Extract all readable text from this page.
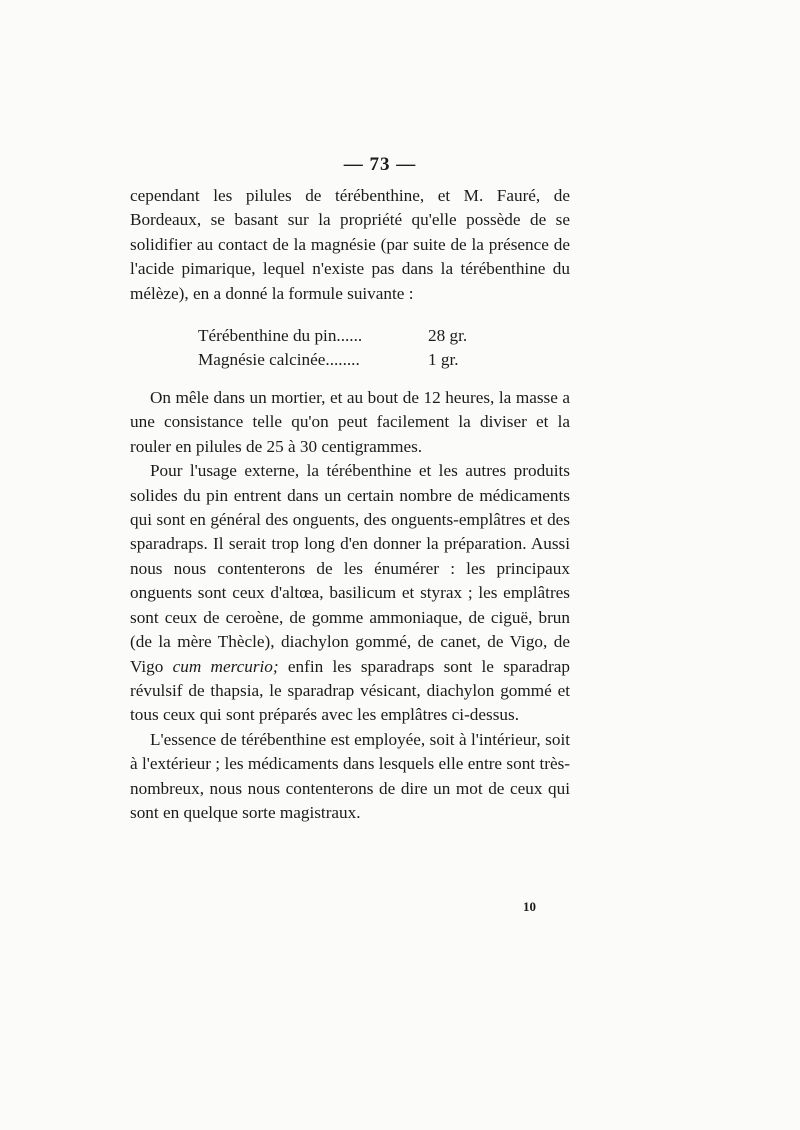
— 73 —

cependant les pilules de térébenthine, et M. Fauré, de Bordeaux, se basant sur la propriété qu'elle possède de se solidifier au contact de la magnésie (par suite de la présence de l'acide pimarique, lequel n'existe pas dans la térébenthine du mélèze), en a donné la formule suivante :

Térébenthine du pin......	28 gr.
Magnésie calcinée........	1 gr.

On mêle dans un mortier, et au bout de 12 heures, la masse a une consistance telle qu'on peut facilement la diviser et la rouler en pilules de 25 à 30 centigrammes.

Pour l'usage externe, la térébenthine et les autres produits solides du pin entrent dans un certain nombre de médicaments qui sont en général des onguents, des onguents-emplâtres et des sparadraps. Il serait trop long d'en donner la préparation. Aussi nous nous contenterons de les énumérer : les principaux onguents sont ceux d'altœa, basilicum et styrax ; les emplâtres sont ceux de ceroène, de gomme ammoniaque, de ciguë, brun (de la mère Thècle), diachylon gommé, de canet, de Vigo, de Vigo cum mercurio; enfin les sparadraps sont le sparadrap révulsif de thapsia, le sparadrap vésicant, diachylon gommé et tous ceux qui sont préparés avec les emplâtres ci-dessus.

L'essence de térébenthine est employée, soit à l'intérieur, soit à l'extérieur ; les médicaments dans lesquels elle entre sont très-nombreux, nous nous contenterons de dire un mot de ceux qui sont en quelque sorte magistraux.

10
